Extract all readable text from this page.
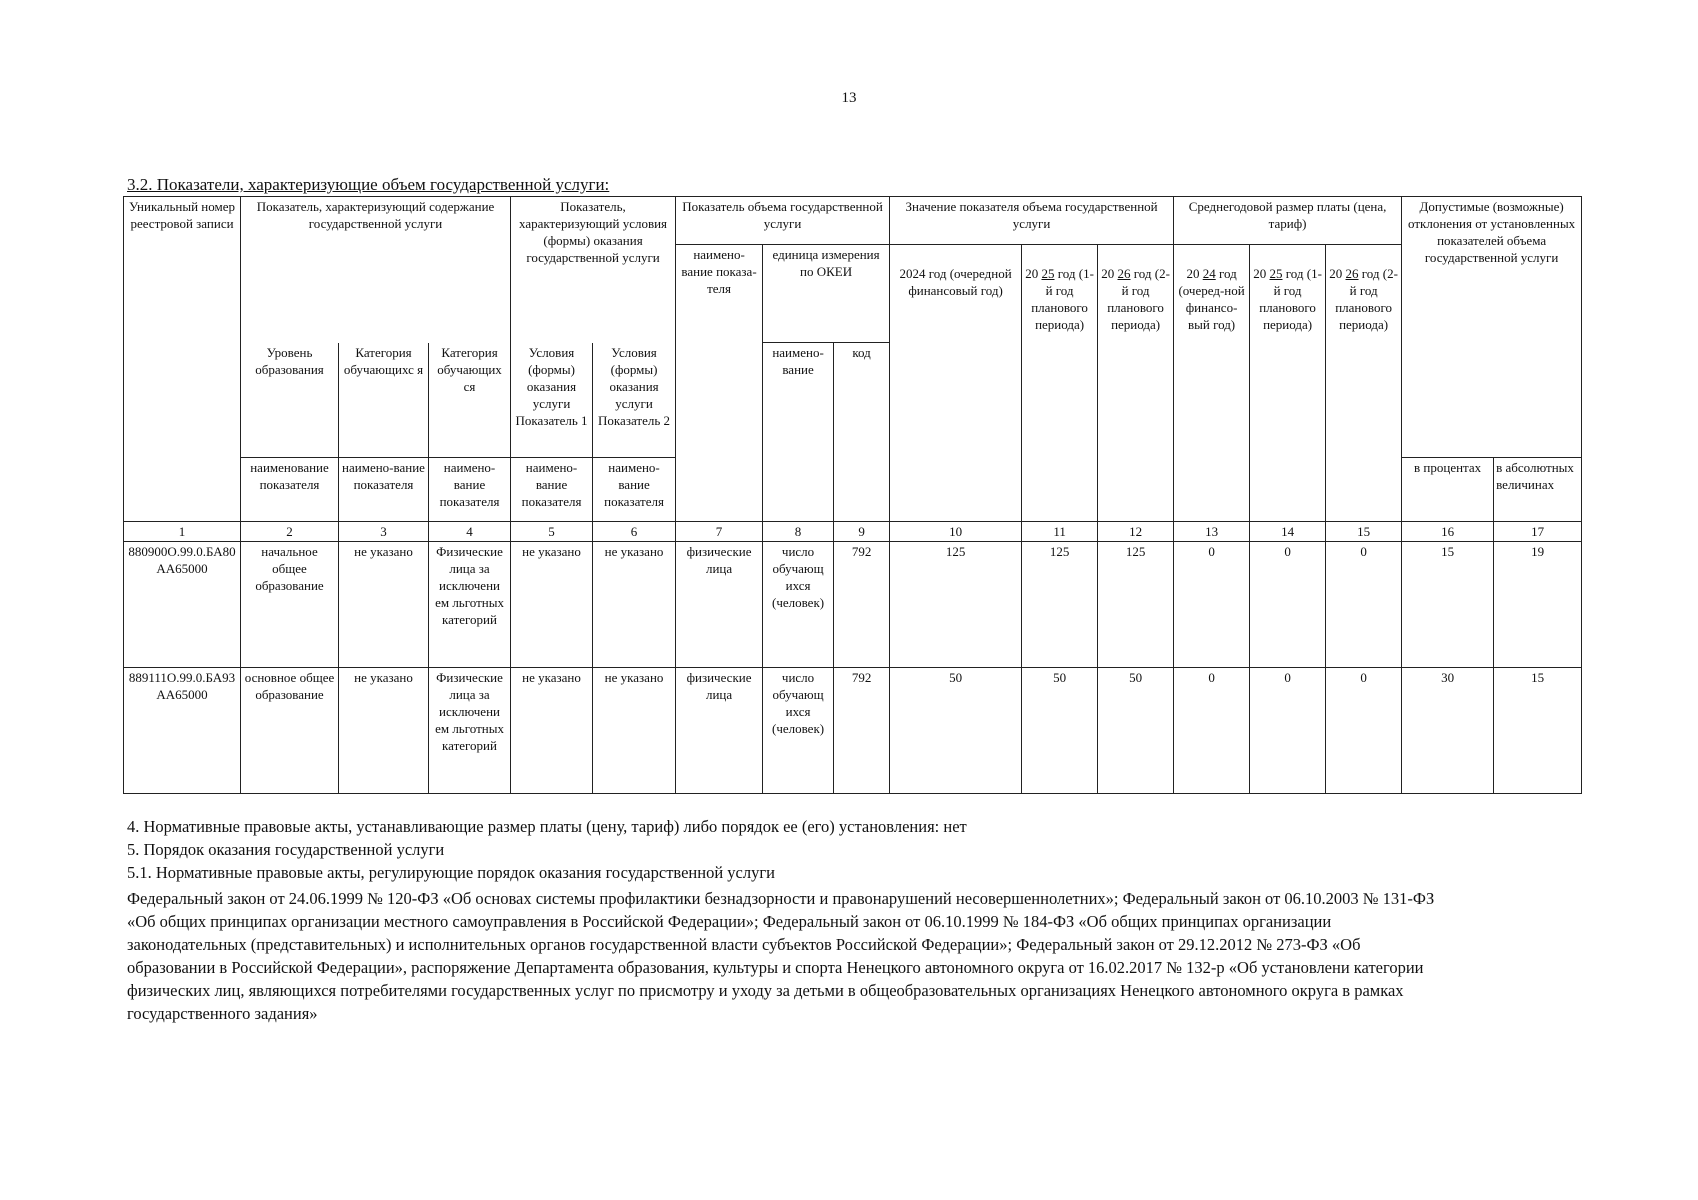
13
3.2. Показатели, характеризующие объем государственной услуги:
Уникальный номер реестровой записи	Показатель, характеризующий содержание государственной услуги			Показатель, характеризующий условия (формы) оказания государственной услуги		Показатель объема государственной услуги			Значение показателя объема государственной услуги			Среднегодовой размер платы (цена, тариф)			Допустимые (возможные) отклонения от установленных показателей объема государственной услуги	
						наимено-вание показа-теля	единица измерения по ОКЕИ		2024 год (очередной финансовый год)	20 25 год (1-й год планового периода)	20 26 год (2-й год планового периода)	20 24 год (очеред-ной финансо-вый год)	20 25 год (1-й год планового периода)	20 26 год (2-й год планового периода)		
	Уровень образования	Категория обучающихс я	Категория обучающих ся	Условия (формы) оказания услуги Показатель 1	Условия (формы) оказания услуги Показатель 2		наимено-вание	код								
	наименование показателя	наимено-вание показателя	наимено-вание показателя	наимено-вание показателя	наимено-вание показателя										в процентах	в абсолютных величинах
1	2	3	4	5	6	7	8	9	10	11	12	13	14	15	16	17
880900О.99.0.БА80АА65000	начальное общее образование	не указано	Физические лица за исключени ем льготных категорий	не указано	не указано	физические лица	число обучающ ихся (человек)	792	125	125	125	0	0	0	15	19
889111О.99.0.БА93АА65000	основное общее образование	не указано	Физические лица за исключени ем льготных категорий	не указано	не указано	физические лица	число обучающ ихся (человек)	792	50	50	50	0	0	0	30	15
4. Нормативные правовые акты, устанавливающие размер платы (цену, тариф) либо порядок ее (его) установления: нет
5. Порядок оказания государственной услуги
5.1. Нормативные правовые акты, регулирующие порядок оказания государственной услуги
Федеральный закон от 24.06.1999 № 120-ФЗ «Об основах системы профилактики безнадзорности и правонарушений несовершеннолетних»; Федеральный закон от 06.10.2003 № 131-ФЗ
«Об общих принципах организации местного самоуправления в Российской Федерации»; Федеральный закон от 06.10.1999 № 184-ФЗ «Об общих принципах организации
законодательных (представительных) и исполнительных органов государственной власти субъектов Российской Федерации»; Федеральный закон от 29.12.2012 № 273-ФЗ «Об
образовании в Российской Федерации», распоряжение Департамента образования, культуры и спорта Ненецкого автономного округа от 16.02.2017 № 132-р «Об установлени категории
физических лиц, являющихся потребителями государственных услуг по присмотру и уходу за детьми в общеобразовательных организациях Ненецкого автономного округа в рамках
государственного задания»
